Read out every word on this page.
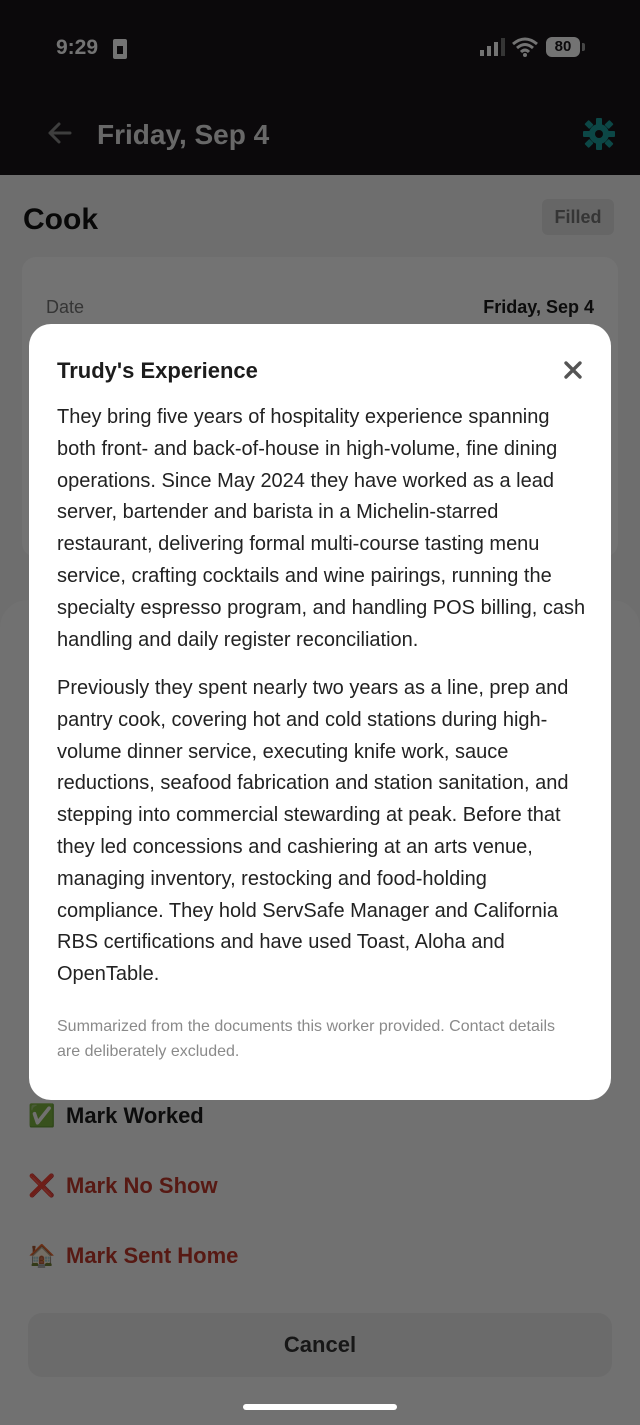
Trudy's Experience

They bring five years of hospitality experience spanning both front- and back-of-house in high-volume, fine dining operations. Since May 2024 they have worked as a lead server, bartender and barista in a Michelin-starred restaurant, delivering formal multi-course tasting menu service, crafting cocktails and wine pairings, running the specialty espresso program, and handling POS billing, cash handling and daily register reconciliation.

Previously they spent nearly two years as a line, prep and pantry cook, covering hot and cold stations during high-volume dinner service, executing knife work, sauce reductions, seafood fabrication and station sanitation, and stepping into commercial stewarding at peak. Before that they led concessions and cashiering at an arts venue, managing inventory, restocking and food-holding compliance. They hold ServSafe Manager and California RBS certifications and have used Toast, Aloha and OpenTable.

Summarized from the documents this worker provided. Contact details are deliberately excluded.
